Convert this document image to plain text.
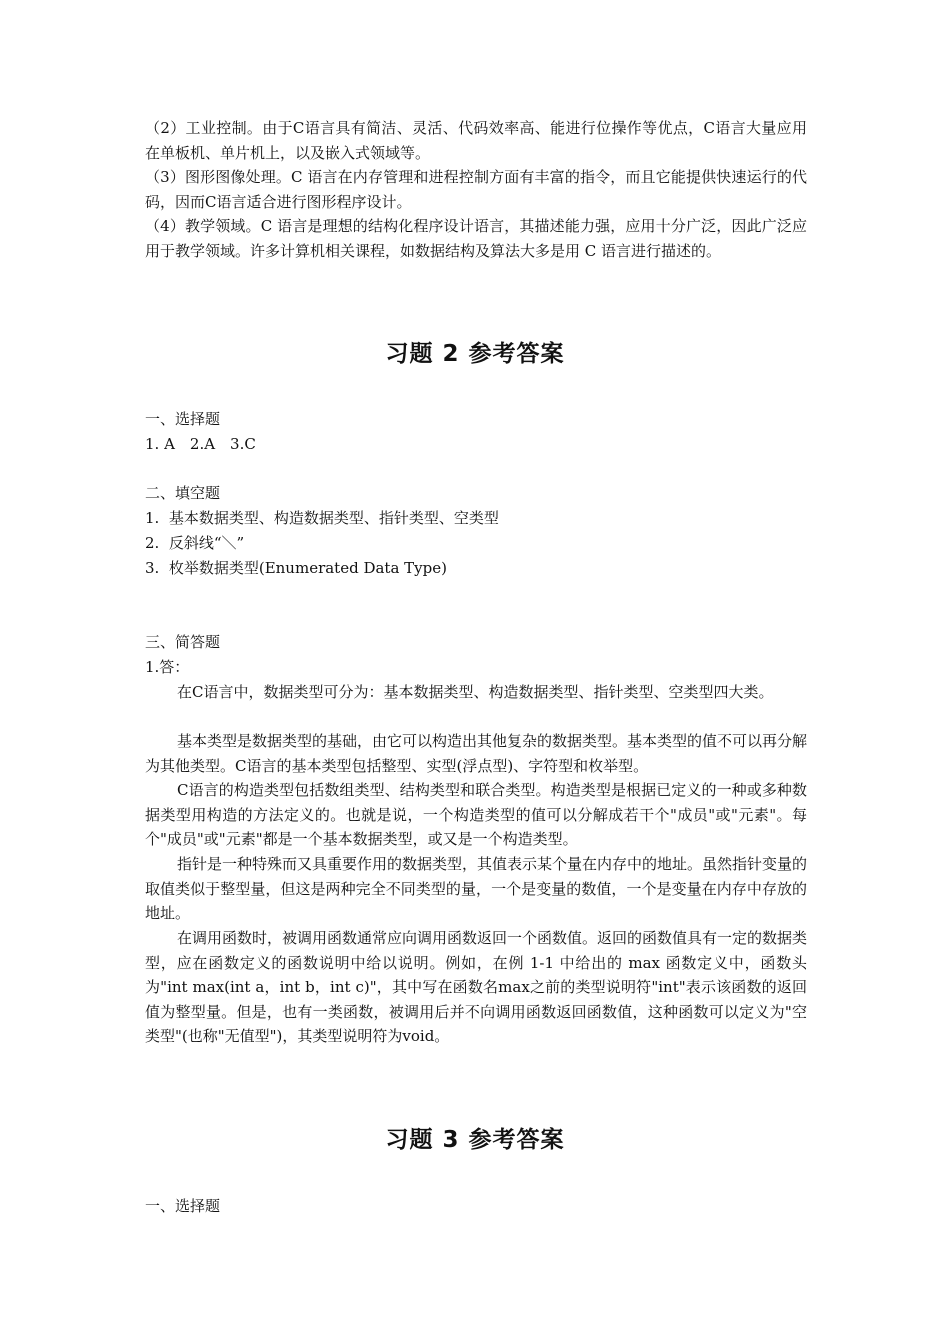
（2）工业控制。由于C语言具有简洁、灵活、代码效率高、能进行位操作等优点，C语言大量应用在单板机、单片机上，以及嵌入式领域等。

（3）图形图像处理。C 语言在内存管理和进程控制方面有丰富的指令，而且它能提供快速运行的代码，因而C语言适合进行图形程序设计。

（4）教学领域。C 语言是理想的结构化程序设计语言，其描述能力强，应用十分广泛，因此广泛应用于教学领域。许多计算机相关课程，如数据结构及算法大多是用 C 语言进行描述的。

习题 2 参考答案

一、选择题

1. A　2.A　3.C

二、填空题

1.  基本数据类型、构造数据类型、指针类型、空类型

2.  反斜线“＼”

3.  枚举数据类型(Enumerated Data Type)

三、简答题

1.答：

在C语言中，数据类型可分为：基本数据类型、构造数据类型、指针类型、空类型四大类。

基本类型是数据类型的基础，由它可以构造出其他复杂的数据类型。基本类型的值不可以再分解为其他类型。C语言的基本类型包括整型、实型(浮点型)、字符型和枚举型。

C语言的构造类型包括数组类型、结构类型和联合类型。构造类型是根据已定义的一种或多种数据类型用构造的方法定义的。也就是说，一个构造类型的值可以分解成若干个"成员"或"元素"。每个"成员"或"元素"都是一个基本数据类型，或又是一个构造类型。

指针是一种特殊而又具重要作用的数据类型，其值表示某个量在内存中的地址。虽然指针变量的取值类似于整型量，但这是两种完全不同类型的量，一个是变量的数值，一个是变量在内存中存放的地址。

在调用函数时，被调用函数通常应向调用函数返回一个函数值。返回的函数值具有一定的数据类型，应在函数定义的函数说明中给以说明。例如，在例 1-1 中给出的 max 函数定义中，函数头为"int max(int a，int b，int c)"，其中写在函数名max之前的类型说明符"int"表示该函数的返回值为整型量。但是，也有一类函数，被调用后并不向调用函数返回函数值，这种函数可以定义为"空类型"(也称"无值型")，其类型说明符为void。

习题 3 参考答案

一、选择题
